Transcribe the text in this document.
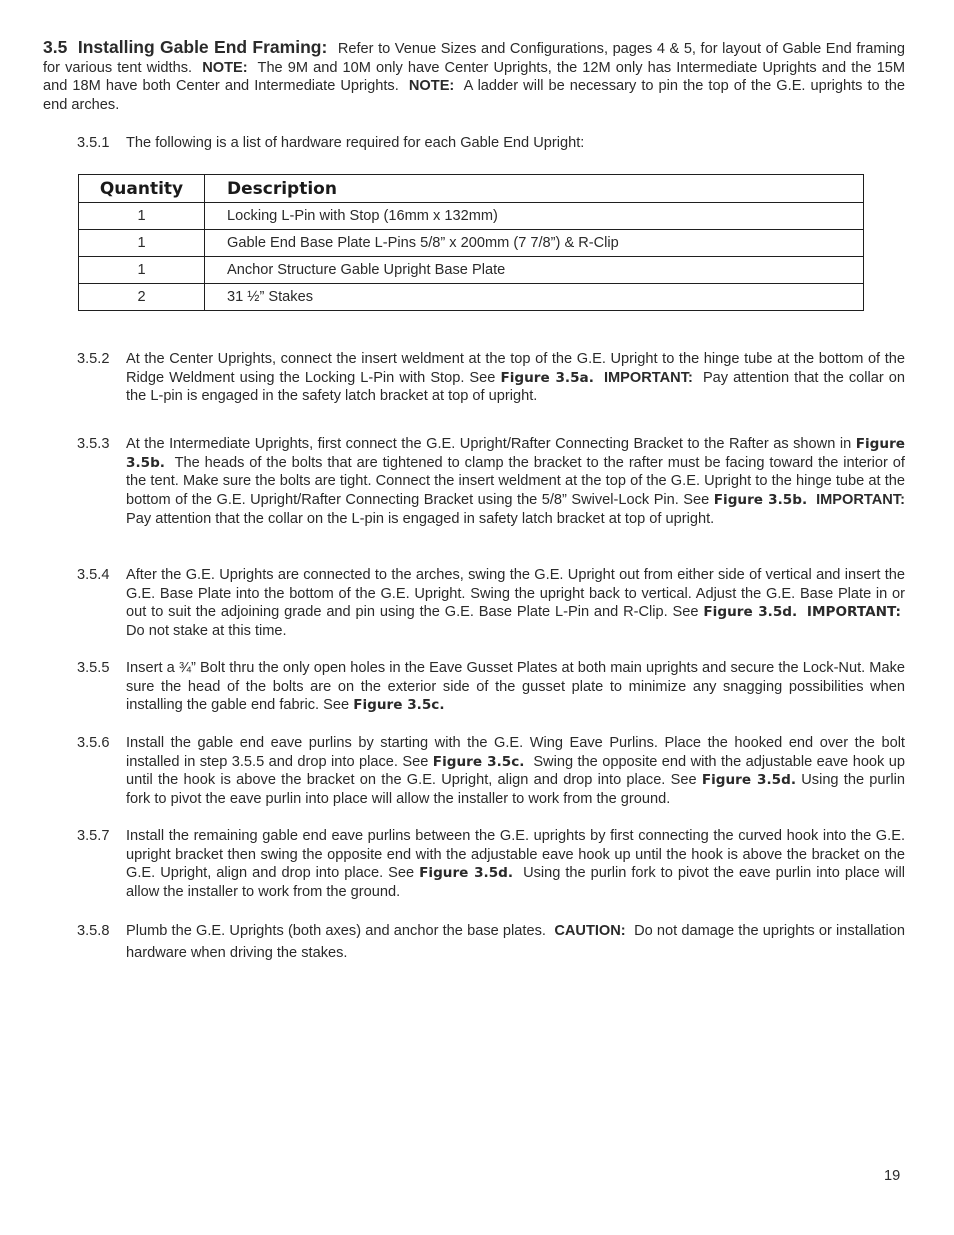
3.5 Installing Gable End Framing: Refer to Venue Sizes and Configurations, pages 4 & 5, for layout of Gable End framing for various tent widths. NOTE: The 9M and 10M only have Center Uprights, the 12M only has Intermediate Uprights and the 15M and 18M have both Center and Intermediate Uprights. NOTE: A ladder will be necessary to pin the top of the G.E. uprights to the end arches.
3.5.1	The following is a list of hardware required for each Gable End Upright:
Quantity	Description
1	Locking L-Pin with Stop (16mm x 132mm)
1	Gable End Base Plate L-Pins 5/8” x 200mm (7 7/8”) & R-Clip
1	Anchor Structure Gable Upright Base Plate
2	31 ½” Stakes
3.5.2	At the Center Uprights, connect the insert weldment at the top of the G.E. Upright to the hinge tube at the bottom of the Ridge Weldment using the Locking L-Pin with Stop. See Figure 3.5a. IMPORTANT: Pay attention that the collar on the L-pin is engaged in the safety latch bracket at top of upright.
3.5.3	At the Intermediate Uprights, first connect the G.E. Upright/Rafter Connecting Bracket to the Rafter as shown in Figure 3.5b. The heads of the bolts that are tightened to clamp the bracket to the rafter must be facing toward the interior of the tent. Make sure the bolts are tight. Connect the insert weldment at the top of the G.E. Upright to the hinge tube at the bottom of the G.E. Upright/Rafter Connecting Bracket using the 5/8” Swivel-Lock Pin. See Figure 3.5b. IMPORTANT: Pay attention that the collar on the L-pin is engaged in safety latch bracket at top of upright.
3.5.4	After the G.E. Uprights are connected to the arches, swing the G.E. Upright out from either side of vertical and insert the G.E. Base Plate into the bottom of the G.E. Upright. Swing the upright back to vertical. Adjust the G.E. Base Plate in or out to suit the adjoining grade and pin using the G.E. Base Plate L-Pin and R-Clip. See Figure 3.5d. IMPORTANT:  Do not stake at this time.
3.5.5	Insert a ¾” Bolt thru the only open holes in the Eave Gusset Plates at both main uprights and secure the Lock-Nut. Make sure the head of the bolts are on the exterior side of the gusset plate to minimize any snagging possibilities when installing the gable end fabric. See Figure 3.5c.
3.5.6	Install the gable end eave purlins by starting with the G.E. Wing Eave Purlins. Place the hooked end over the bolt installed in step 3.5.5 and drop into place. See Figure 3.5c. Swing the opposite end with the adjustable eave hook up until the hook is above the bracket on the G.E. Upright, align and drop into place. See Figure 3.5d. Using the purlin fork to pivot the eave purlin into place will allow the installer to work from the ground.
3.5.7	Install the remaining gable end eave purlins between the G.E. uprights by first connecting the curved hook into the G.E. upright bracket then swing the opposite end with the adjustable eave hook up until the hook is above the bracket on the G.E. Upright, align and drop into place. See Figure 3.5d. Using the purlin fork to pivot the eave purlin into place will allow the installer to work from the ground.
3.5.8	Plumb the G.E. Uprights (both axes) and anchor the base plates. CAUTION: Do not damage the uprights or installation hardware when driving the stakes.
19
